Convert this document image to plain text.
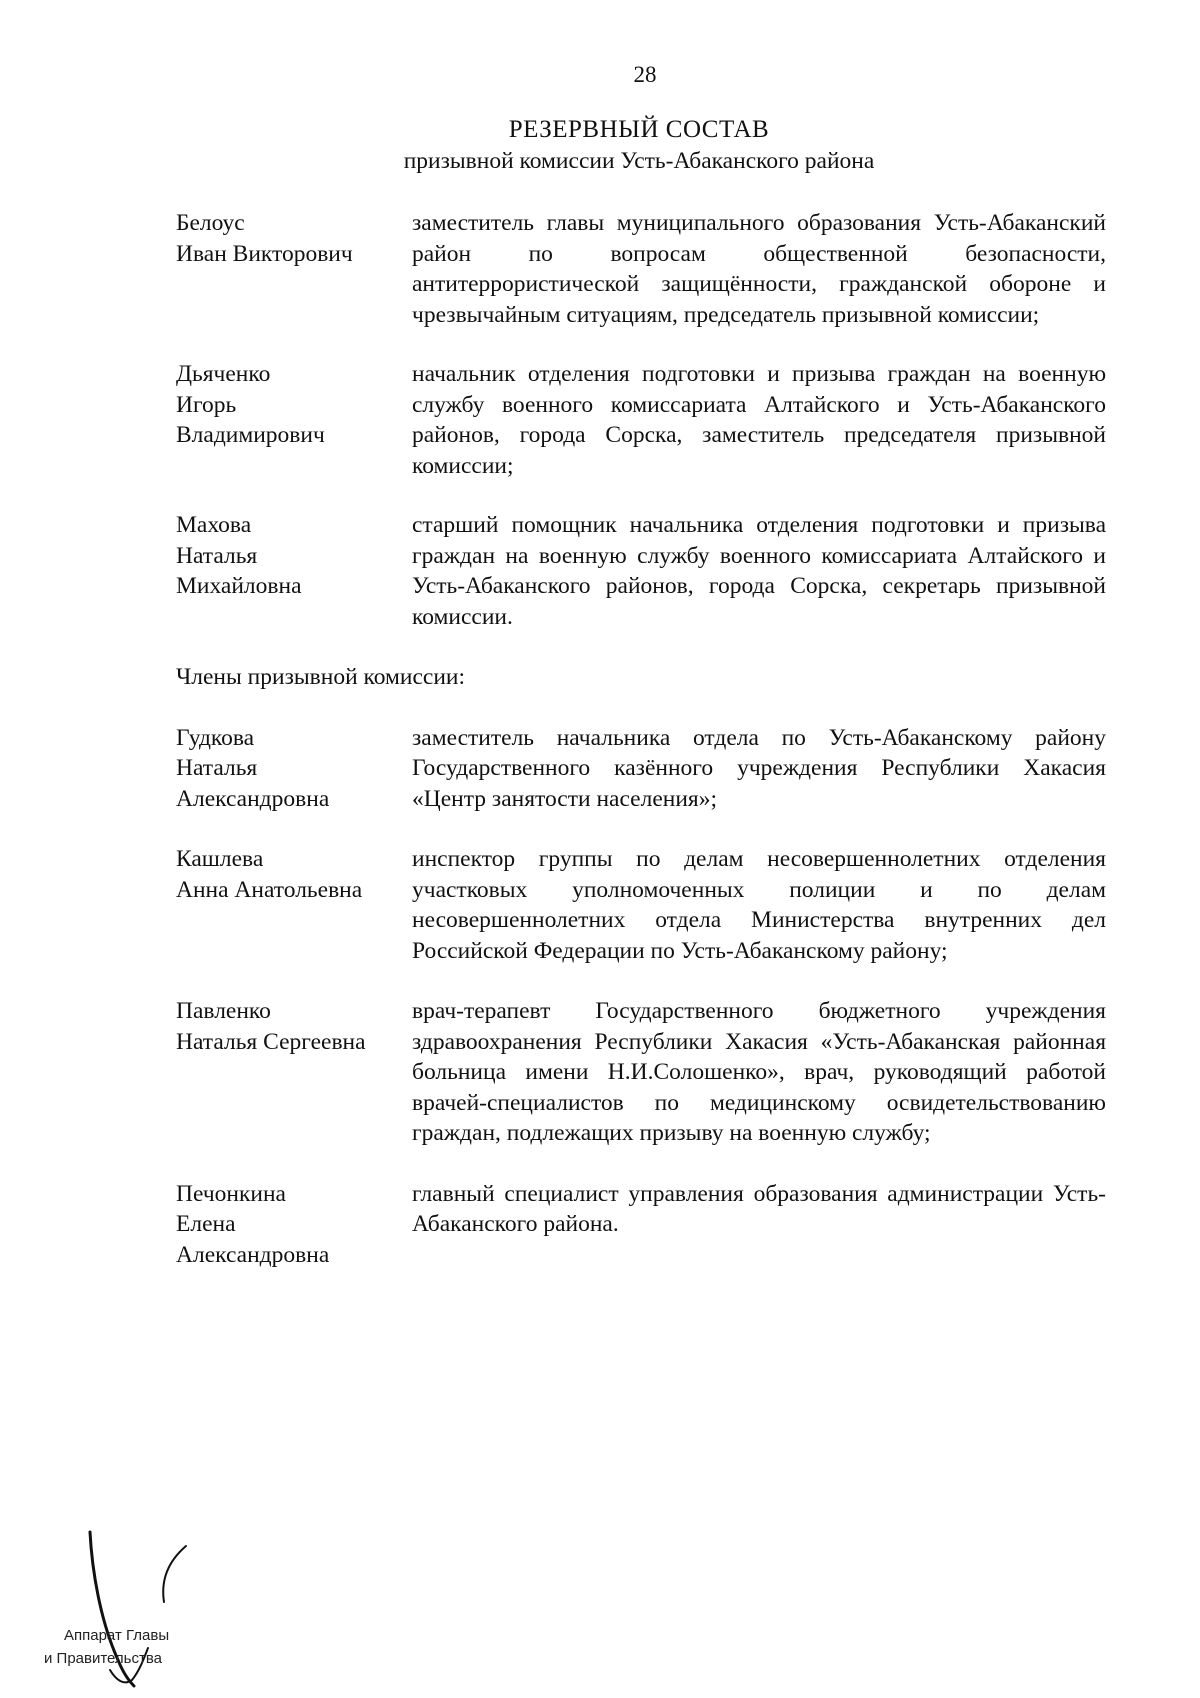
28
РЕЗЕРВНЫЙ СОСТАВ
призывной комиссии Усть-Абаканского района
Белоус
Иван Викторович
заместитель главы муниципального образования Усть-Абаканский район по вопросам общественной безопасности, антитеррористической защищённости, гражданской обороне и чрезвычайным ситуациям, председатель призывной комиссии;
Дьяченко
Игорь
Владимирович
начальник отделения подготовки и призыва граждан на военную службу военного комиссариата Алтайского и Усть-Абаканского районов, города Сорска, заместитель председателя призывной комиссии;
Махова
Наталья
Михайловна
старший помощник начальника отделения подготовки и призыва граждан на военную службу военного комиссариата Алтайского и Усть-Абаканского районов, города Сорска, секретарь призывной комиссии.

Члены призывной комиссии:

Гудкова
Наталья
Александровна
заместитель начальника отдела по Усть-Абаканскому району Государственного казённого учреждения Республики Хакасия «Центр занятости населения»;
Кашлева
Анна Анатольевна
инспектор группы по делам несовершеннолетних отделения участковых уполномоченных полиции и по делам несовершеннолетних отдела Министерства внутренних дел Российской Федерации по Усть-Абаканскому району;
Павленко
Наталья Сергеевна
врач-терапевт Государственного бюджетного учреждения здравоохранения Республики Хакасия «Усть-Абаканская районная больница имени Н.И.Солошенко», врач, руководящий работой врачей-специалистов по медицинскому освидетельствованию граждан, подлежащих призыву на военную службу;
Печонкина
Елена
Александровна
главный специалист управления образования администрации Усть-Абаканского района.
Аппарат Главы
и Правительства
